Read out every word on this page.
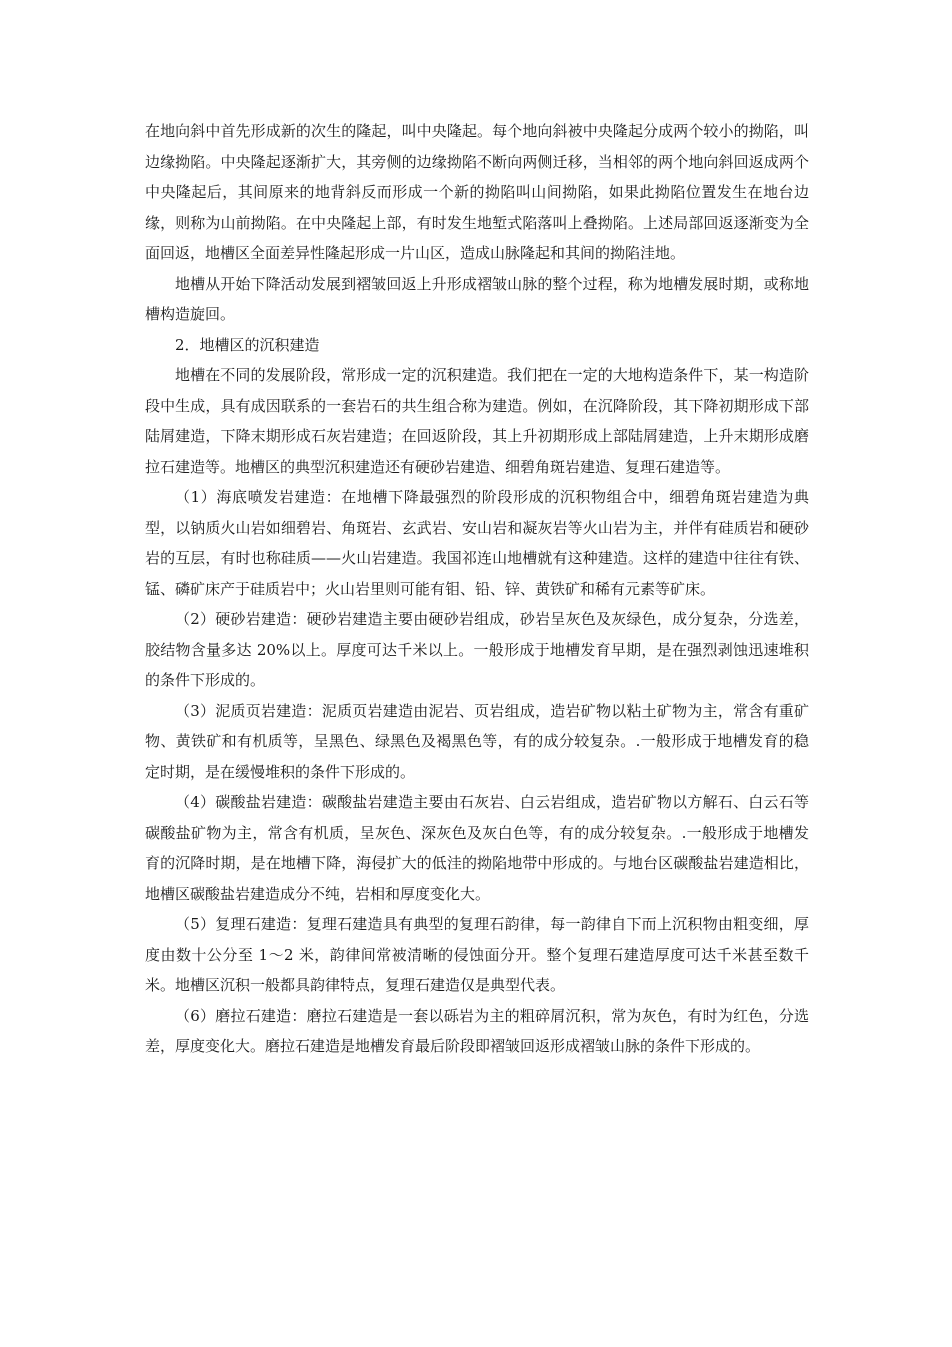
在地向斜中首先形成新的次生的隆起，叫中央隆起。每个地向斜被中央隆起分成两个较小的拗陷，叫边缘拗陷。中央隆起逐渐扩大，其旁侧的边缘拗陷不断向两侧迁移，当相邻的两个地向斜回返成两个中央隆起后，其间原来的地背斜反而形成一个新的拗陷叫山间拗陷，如果此拗陷位置发生在地台边缘，则称为山前拗陷。在中央隆起上部，有时发生地堑式陷落叫上叠拗陷。上述局部回返逐渐变为全面回返，地槽区全面差异性隆起形成一片山区，造成山脉隆起和其间的拗陷洼地。

地槽从开始下降活动发展到褶皱回返上升形成褶皱山脉的整个过程，称为地槽发展时期，或称地槽构造旋回。

2．地槽区的沉积建造

地槽在不同的发展阶段，常形成一定的沉积建造。我们把在一定的大地构造条件下，某一构造阶段中生成，具有成因联系的一套岩石的共生组合称为建造。例如，在沉降阶段，其下降初期形成下部陆屑建造，下降末期形成石灰岩建造；在回返阶段，其上升初期形成上部陆屑建造，上升末期形成磨拉石建造等。地槽区的典型沉积建造还有硬砂岩建造、细碧角斑岩建造、复理石建造等。

（1）海底喷发岩建造：在地槽下降最强烈的阶段形成的沉积物组合中，细碧角斑岩建造为典型，以钠质火山岩如细碧岩、角斑岩、玄武岩、安山岩和凝灰岩等火山岩为主，并伴有硅质岩和硬砂岩的互层，有时也称硅质——火山岩建造。我国祁连山地槽就有这种建造。这样的建造中往往有铁、锰、磷矿床产于硅质岩中；火山岩里则可能有钼、铅、锌、黄铁矿和稀有元素等矿床。

（2）硬砂岩建造：硬砂岩建造主要由硬砂岩组成，砂岩呈灰色及灰绿色，成分复杂，分选差，胶结物含量多达 20%以上。厚度可达千米以上。一般形成于地槽发育早期，是在强烈剥蚀迅速堆积的条件下形成的。

（3）泥质页岩建造：泥质页岩建造由泥岩、页岩组成，造岩矿物以粘土矿物为主，常含有重矿物、黄铁矿和有机质等，呈黑色、绿黑色及褐黑色等，有的成分较复杂。.一般形成于地槽发育的稳定时期，是在缓慢堆积的条件下形成的。

（4）碳酸盐岩建造：碳酸盐岩建造主要由石灰岩、白云岩组成，造岩矿物以方解石、白云石等碳酸盐矿物为主，常含有机质，呈灰色、深灰色及灰白色等，有的成分较复杂。.一般形成于地槽发育的沉降时期，是在地槽下降，海侵扩大的低洼的拗陷地带中形成的。与地台区碳酸盐岩建造相比，地槽区碳酸盐岩建造成分不纯，岩相和厚度变化大。

（5）复理石建造：复理石建造具有典型的复理石韵律，每一韵律自下而上沉积物由粗变细，厚度由数十公分至 1～2 米，韵律间常被清晰的侵蚀面分开。整个复理石建造厚度可达千米甚至数千米。地槽区沉积一般都具韵律特点，复理石建造仅是典型代表。

（6）磨拉石建造：磨拉石建造是一套以砾岩为主的粗碎屑沉积，常为灰色，有时为红色，分选差，厚度变化大。磨拉石建造是地槽发育最后阶段即褶皱回返形成褶皱山脉的条件下形成的。
